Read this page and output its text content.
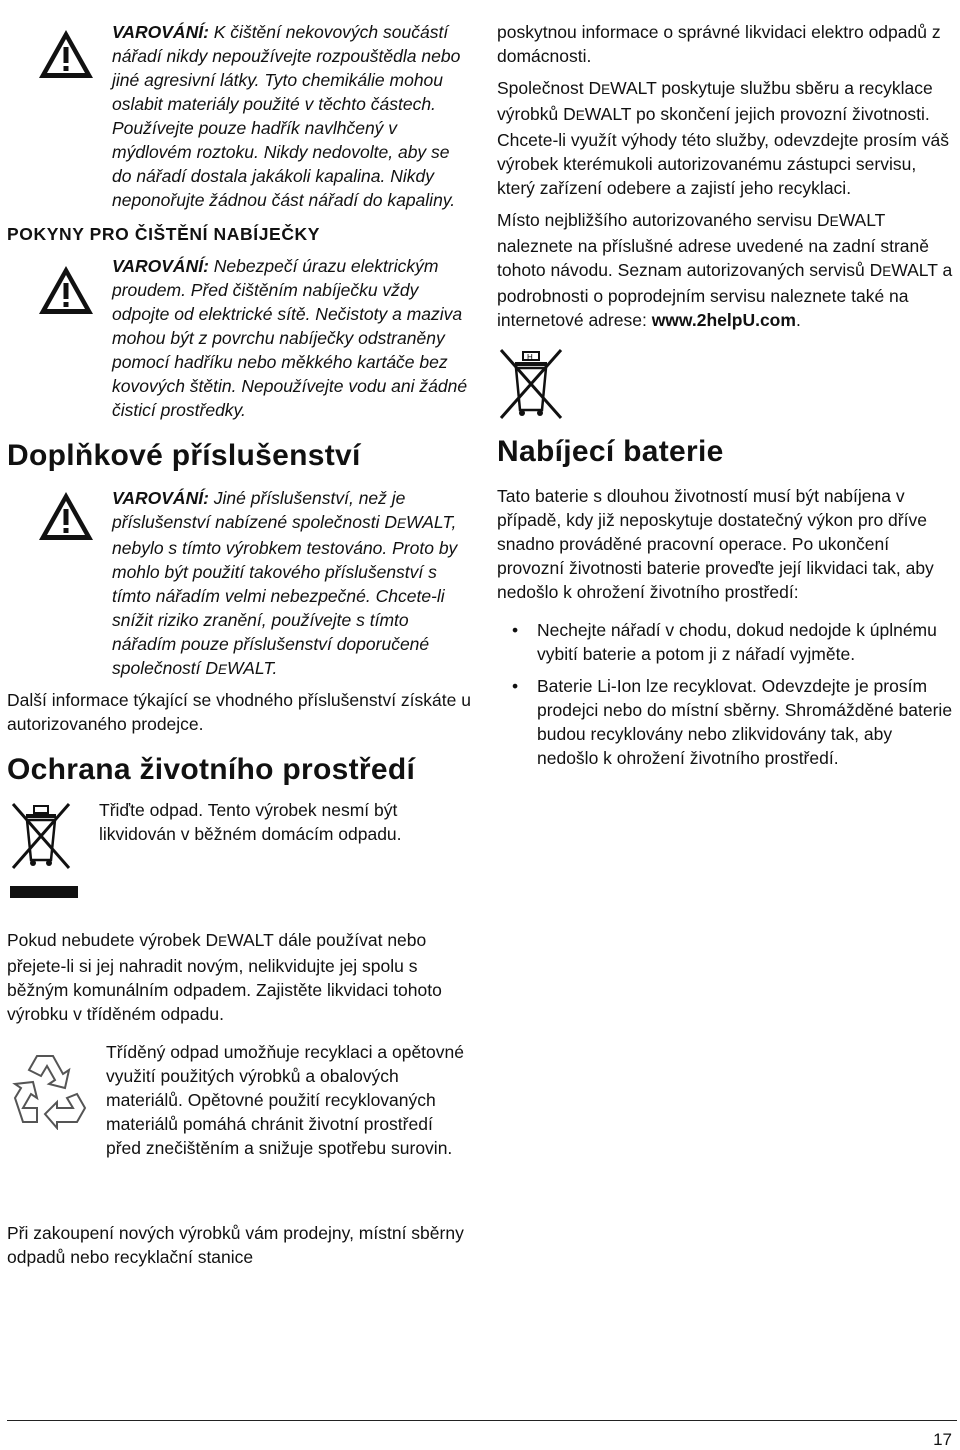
VAROVÁNÍ: K čištění nekovových součástí nářadí nikdy nepoužívejte rozpouštědla nebo jiné agresivní látky. Tyto chemikálie mohou oslabit materiály použité v těchto částech. Používejte pouze hadřík navlhčený v mýdlovém roztoku. Nikdy nedovolte, aby se do nářadí dostala jakákoli kapalina. Nikdy neponořujte žádnou část nářadí do kapaliny.

POKYNY PRO ČIŠTĚNÍ NABÍJEČKY

VAROVÁNÍ: Nebezpečí úrazu elektrickým proudem. Před čištěním nabíječku vždy odpojte od elektrické sítě. Nečistoty a maziva mohou být z povrchu nabíječky odstraněny pomocí hadříku nebo měkkého kartáče bez kovových štětin. Nepoužívejte vodu ani žádné čisticí prostředky.

Doplňkové příslušenství

VAROVÁNÍ: Jiné příslušenství, než je příslušenství nabízené společnosti DEWALT, nebylo s tímto výrobkem testováno. Proto by mohlo být použití takového příslušenství s tímto nářadím velmi nebezpečné. Chcete-li snížit riziko zranění, používejte s tímto nářadím pouze příslušenství doporučené společností DEWALT.

Další informace týkající se vhodného příslušenství získáte u autorizovaného prodejce.

Ochrana životního prostředí

Třiďte odpad. Tento výrobek nesmí být likvidován v běžném domácím odpadu.

Pokud nebudete výrobek DEWALT dále používat nebo přejete-li si jej nahradit novým, nelikvidujte jej spolu s běžným komunálním odpadem. Zajistěte likvidaci tohoto výrobku v tříděném odpadu.

Tříděný odpad umožňuje recyklaci a opětovné využití použitých výrobků a obalových materiálů. Opětovné použití recyklovaných materiálů pomáhá chránit životní prostředí před znečištěním a snižuje spotřebu surovin.

Při zakoupení nových výrobků vám prodejny, místní sběrny odpadů nebo recyklační stanice

poskytnou informace o správné likvidaci elektro odpadů z domácnosti.

Společnost DEWALT poskytuje službu sběru a recyklace výrobků DEWALT po skončení jejich provozní životnosti. Chcete-li využít výhody této služby, odevzdejte prosím váš výrobek kterémukoli autorizovanému zástupci servisu, který zařízení odebere a zajistí jeho recyklaci.

Místo nejbližšího autorizovaného servisu DEWALT naleznete na příslušné adrese uvedené na zadní straně tohoto návodu. Seznam autorizovaných servisů DEWALT a podrobnosti o poprodejním servisu naleznete také na internetové adrese: www.2helpU.com.

H
Nabíjecí baterie

Tato baterie s dlouhou životností musí být nabíjena v případě, kdy již neposkytuje dostatečný výkon pro dříve snadno prováděné pracovní operace. Po ukončení provozní životnosti baterie proveďte její likvidaci tak, aby nedošlo k ohrožení životního prostředí:

• Nechejte nářadí v chodu, dokud nedojde k úplnému vybití baterie a potom ji z nářadí vyjměte.
• Baterie Li-Ion lze recyklovat. Odevzdejte je prosím prodejci nebo do místní sběrny. Shromážděné baterie budou recyklovány nebo zlikvidovány tak, aby nedošlo k ohrožení životního prostředí.
17
